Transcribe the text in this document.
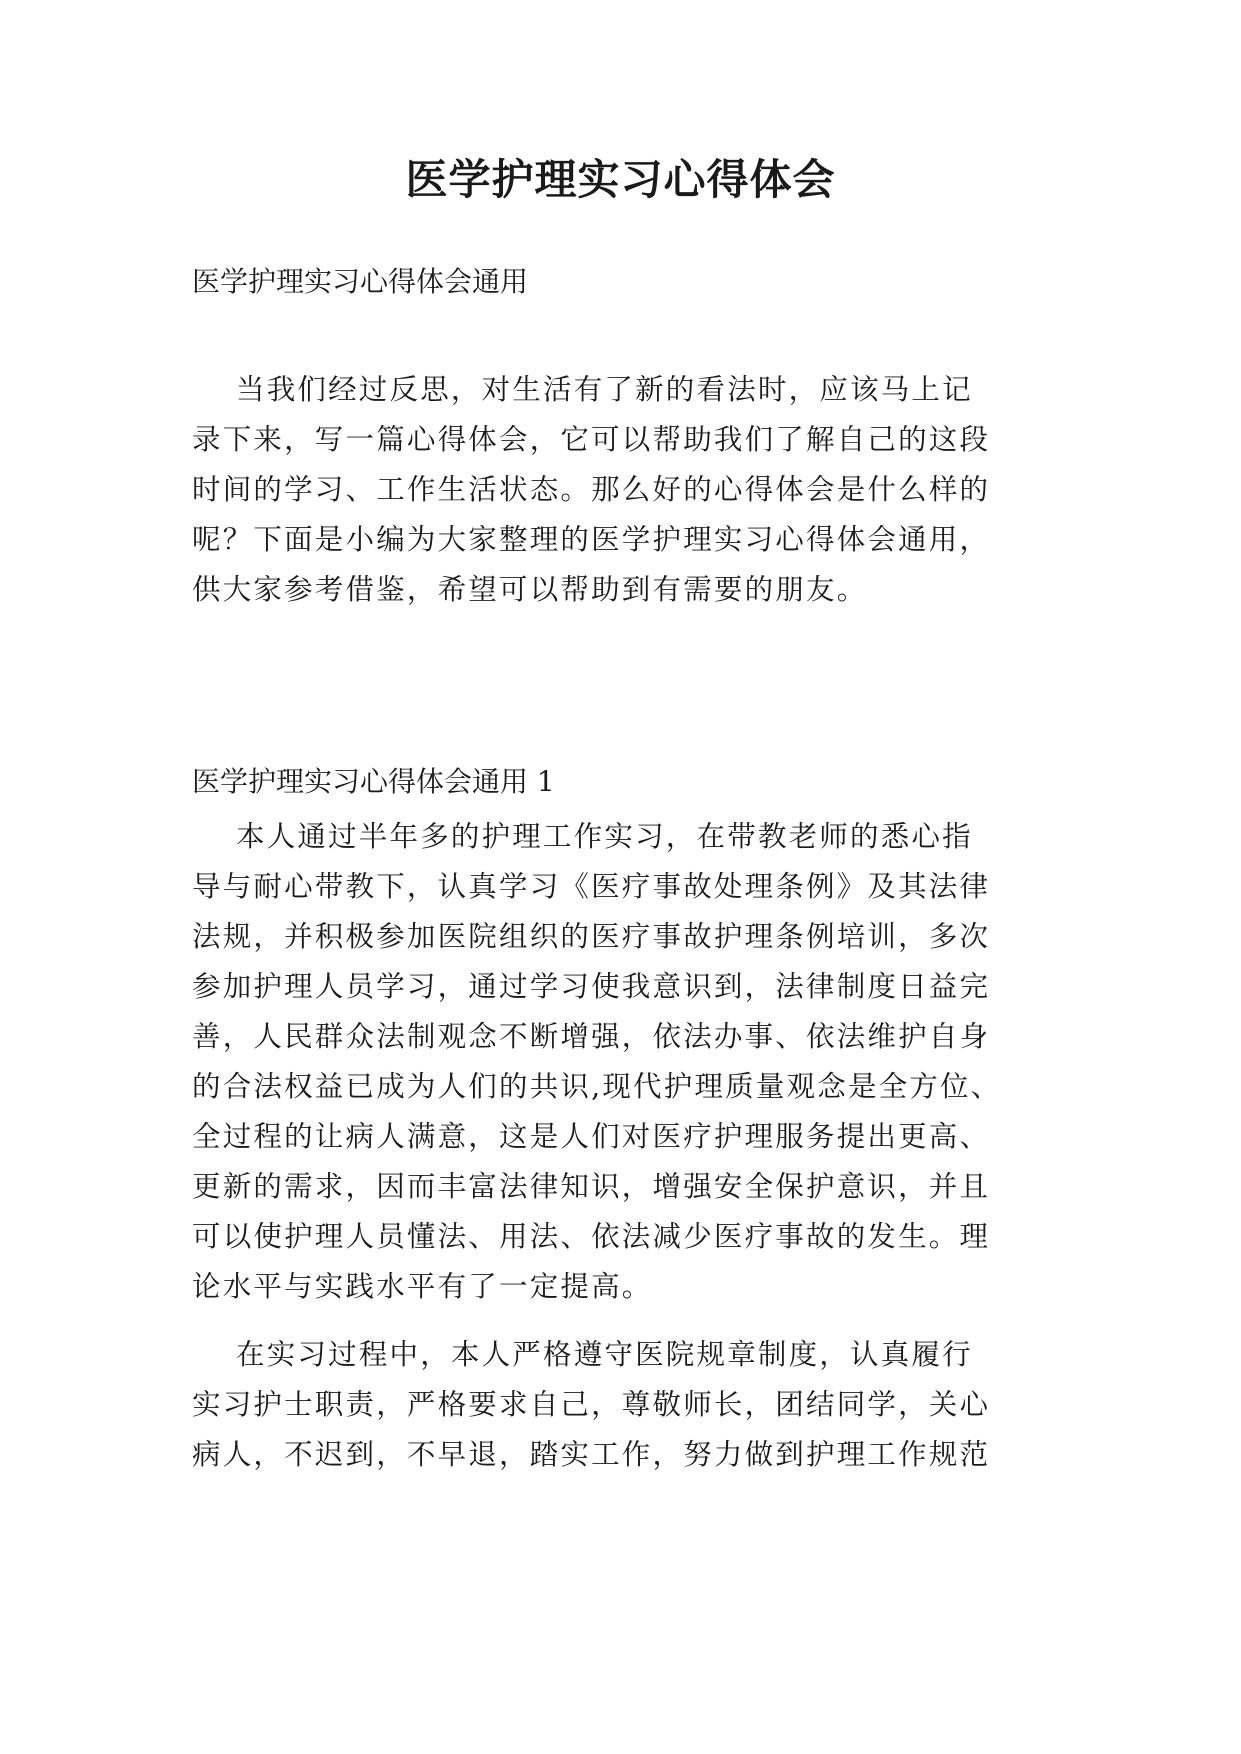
医学护理实习心得体会
医学护理实习心得体会通用
当我们经过反思，对生活有了新的看法时，应该马上记
录下来，写一篇心得体会，它可以帮助我们了解自己的这段
时间的学习、工作生活状态。那么好的心得体会是什么样的
呢？下面是小编为大家整理的医学护理实习心得体会通用，
供大家参考借鉴，希望可以帮助到有需要的朋友。
医学护理实习心得体会通用 1
本人通过半年多的护理工作实习，在带教老师的悉心指
导与耐心带教下，认真学习《医疗事故处理条例》及其法律
法规，并积极参加医院组织的医疗事故护理条例培训，多次
参加护理人员学习，通过学习使我意识到，法律制度日益完
善，人民群众法制观念不断增强，依法办事、依法维护自身
的合法权益已成为人们的共识,现代护理质量观念是全方位、
全过程的让病人满意，这是人们对医疗护理服务提出更高、
更新的需求，因而丰富法律知识，增强安全保护意识，并且
可以使护理人员懂法、用法、依法减少医疗事故的发生。理
论水平与实践水平有了一定提高。
在实习过程中，本人严格遵守医院规章制度，认真履行
实习护士职责，严格要求自己，尊敬师长，团结同学，关心
病人，不迟到，不早退，踏实工作，努力做到护理工作规范
